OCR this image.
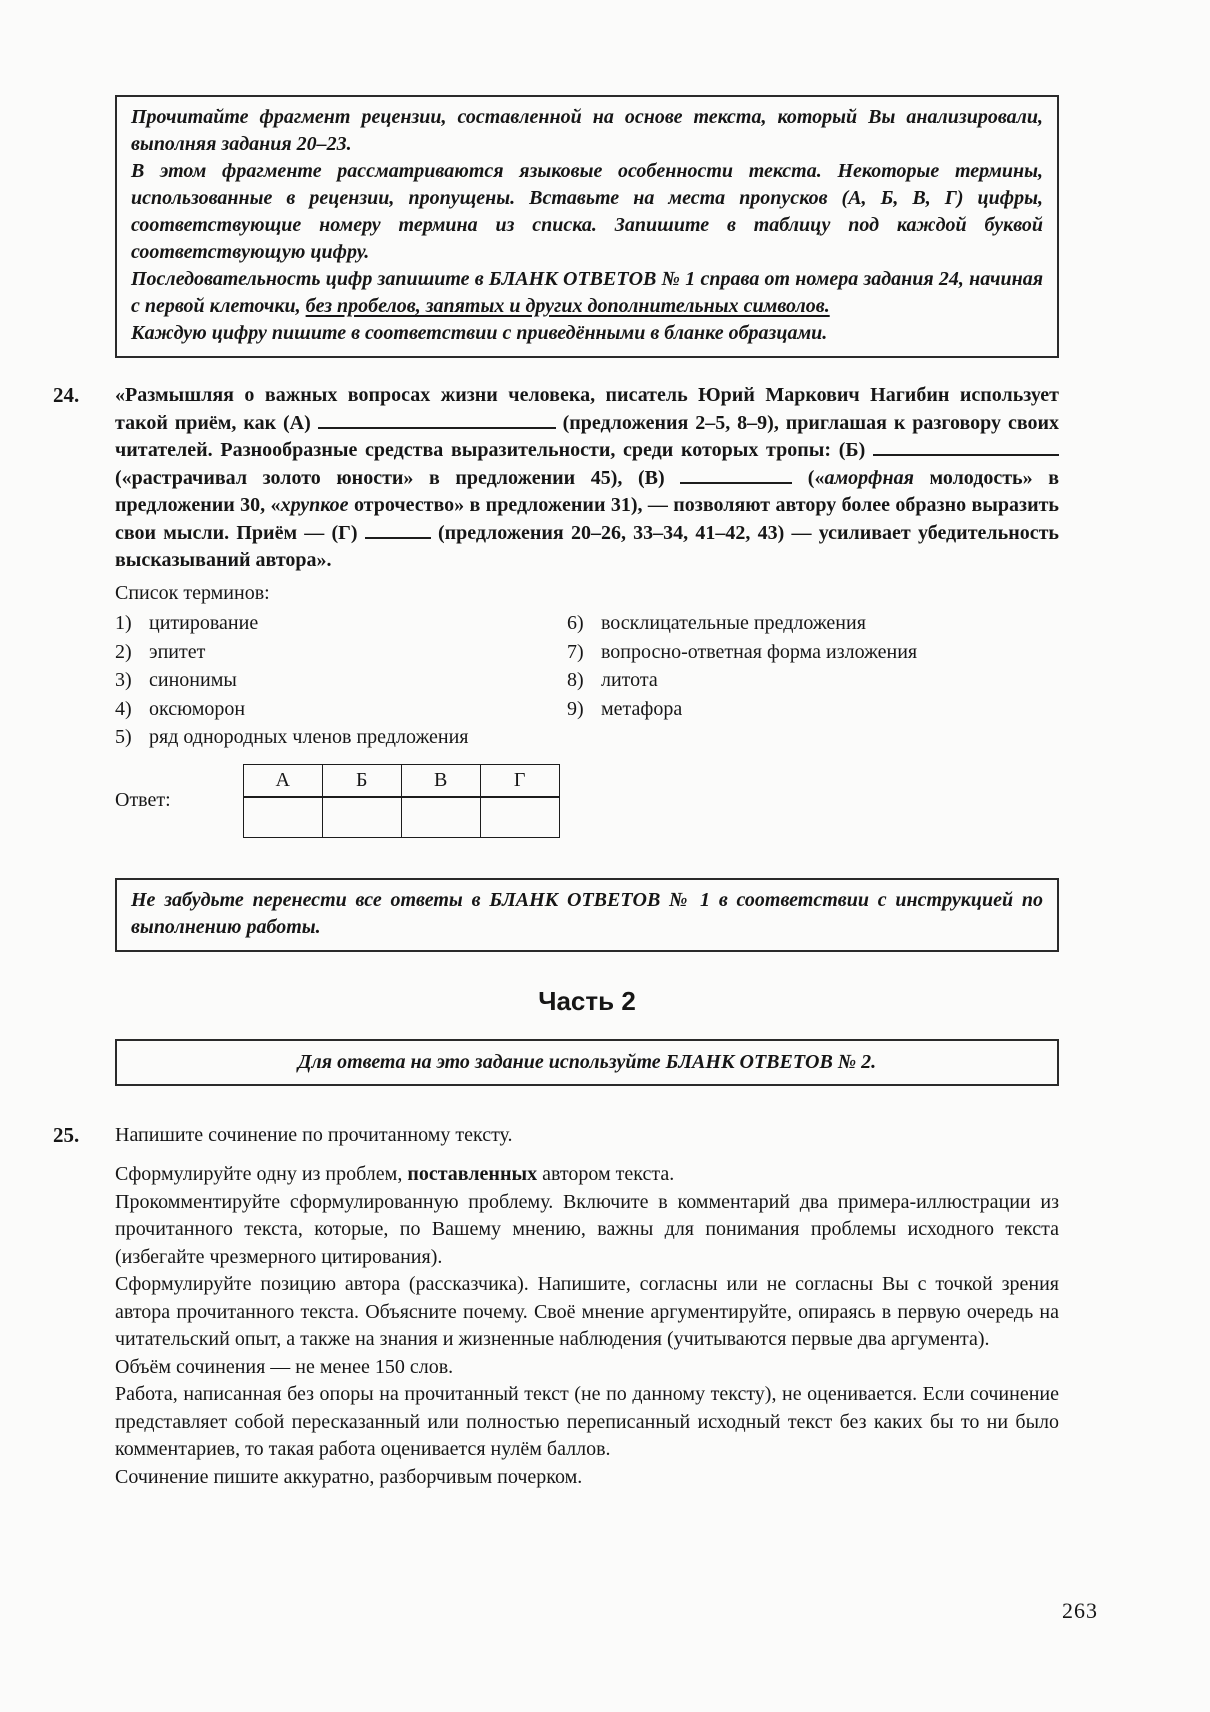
Прочитайте фрагмент рецензии, составленной на основе текста, который Вы анализировали, выполняя задания 20–23.

В этом фрагменте рассматриваются языковые особенности текста. Некоторые термины, использованные в рецензии, пропущены. Вставьте на места пропусков (А, Б, В, Г) цифры, соответствующие номеру термина из списка. Запишите в таблицу под каждой буквой соответствующую цифру.

Последовательность цифр запишите в БЛАНК ОТВЕТОВ № 1 справа от номера задания 24, начиная с первой клеточки, без пробелов, запятых и других дополнительных символов.

Каждую цифру пишите в соответствии с приведёнными в бланке образцами.

24. «Размышляя о важных вопросах жизни человека, писатель Юрий Маркович Нагибин использует такой приём, как (А)	(предложения 2–5, 8–9), приглашая к разговору своих читателей. Разнообразные средства выразительности, среди которых тропы: (Б)  («растрачивал золото юности» в предложении 45), (В)	(«аморфная молодость» в предложении 30, «хрупкое отрочество» в предложении 31), — позволяют автору более образно выразить свои мысли. Приём — (Г)	(предложения 20–26, 33–34, 41–42, 43) — усиливает убедительность высказываний автора».

Список терминов:

1) цитирование
2) эпитет
3) синонимы
4) оксюморон
5) ряд однородных членов предложения
6) восклицательные предложения
7) вопросно-ответная форма изложения
8) литота
9) метафора
Ответ:
А	Б	В	Г

Не забудьте перенести все ответы в БЛАНК ОТВЕТОВ № 1 в соответствии с инструкцией по выполнению работы.

Часть 2

Для ответа на это задание используйте БЛАНК ОТВЕТОВ № 2.

25. Напишите сочинение по прочитанному тексту.

Сформулируйте одну из проблем, поставленных автором текста.

Прокомментируйте сформулированную проблему. Включите в комментарий два примера-иллюстрации из прочитанного текста, которые, по Вашему мнению, важны для понимания проблемы исходного текста (избегайте чрезмерного цитирования).

Сформулируйте позицию автора (рассказчика). Напишите, согласны или не согласны Вы с точкой зрения автора прочитанного текста. Объясните почему. Своё мнение аргументируйте, опираясь в первую очередь на читательский опыт, а также на знания и жизненные наблюдения (учитываются первые два аргумента).

Объём сочинения — не менее 150 слов.

Работа, написанная без опоры на прочитанный текст (не по данному тексту), не оценивается. Если сочинение представляет собой пересказанный или полностью переписанный исходный текст без каких бы то ни было комментариев, то такая работа оценивается нулём баллов.

Сочинение пишите аккуратно, разборчивым почерком.

263
